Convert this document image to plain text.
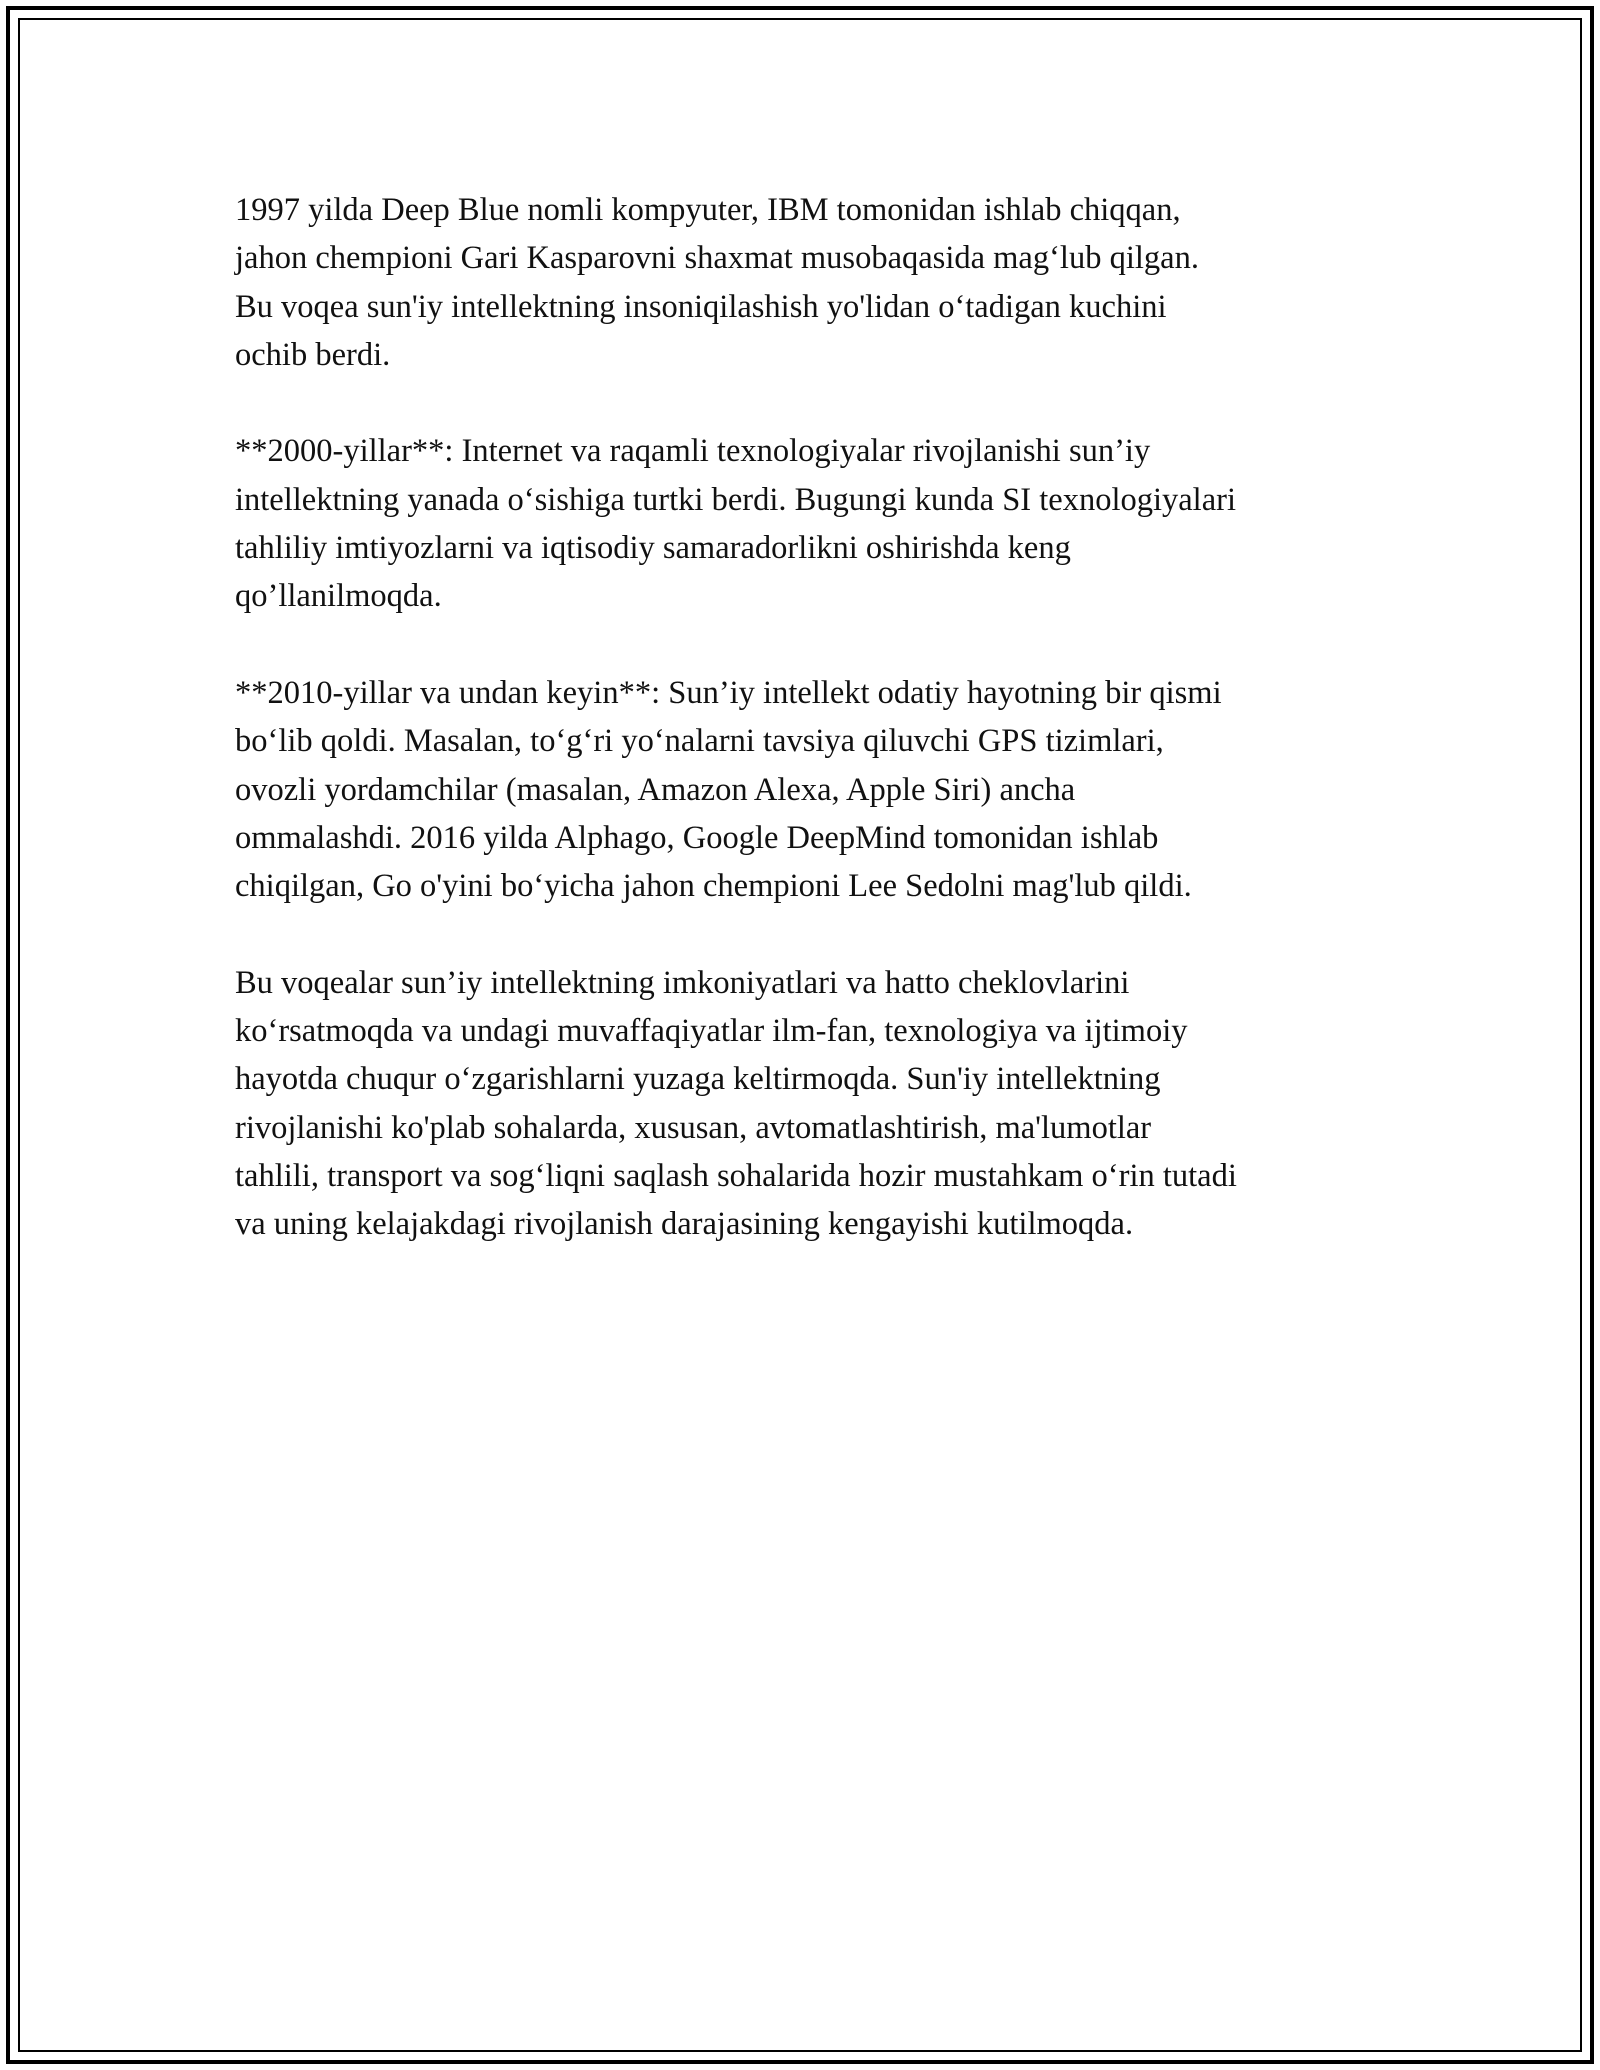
1997 yilda Deep Blue nomli kompyuter, IBM tomonidan ishlab chiqqan,
jahon chempioni Gari Kasparovni shaxmat musobaqasida mag‘lub qilgan.
Bu voqea sun'iy intellektning insoniqilashish yo'lidan o‘tadigan kuchini
ochib berdi.

**2000-yillar**: Internet va raqamli texnologiyalar rivojlanishi sun’iy
intellektning yanada o‘sishiga turtki berdi. Bugungi kunda SI texnologiyalari
tahliliy imtiyozlarni va iqtisodiy samaradorlikni oshirishda keng
qo’llanilmoqda.

**2010-yillar va undan keyin**: Sun’iy intellekt odatiy hayotning bir qismi
bo‘lib qoldi. Masalan, to‘g‘ri yo‘nalarni tavsiya qiluvchi GPS tizimlari,
ovozli yordamchilar (masalan, Amazon Alexa, Apple Siri) ancha
ommalashdi. 2016 yilda Alphago, Google DeepMind tomonidan ishlab
chiqilgan, Go o'yini bo‘yicha jahon chempioni Lee Sedolni mag'lub qildi.

Bu voqealar sun’iy intellektning imkoniyatlari va hatto cheklovlarini
ko‘rsatmoqda va undagi muvaffaqiyatlar ilm-fan, texnologiya va ijtimoiy
hayotda chuqur o‘zgarishlarni yuzaga keltirmoqda. Sun'iy intellektning
rivojlanishi ko'plab sohalarda, xususan, avtomatlashtirish, ma'lumotlar
tahlili, transport va sog‘liqni saqlash sohalarida hozir mustahkam o‘rin tutadi
va uning kelajakdagi rivojlanish darajasining kengayishi kutilmoqda.
